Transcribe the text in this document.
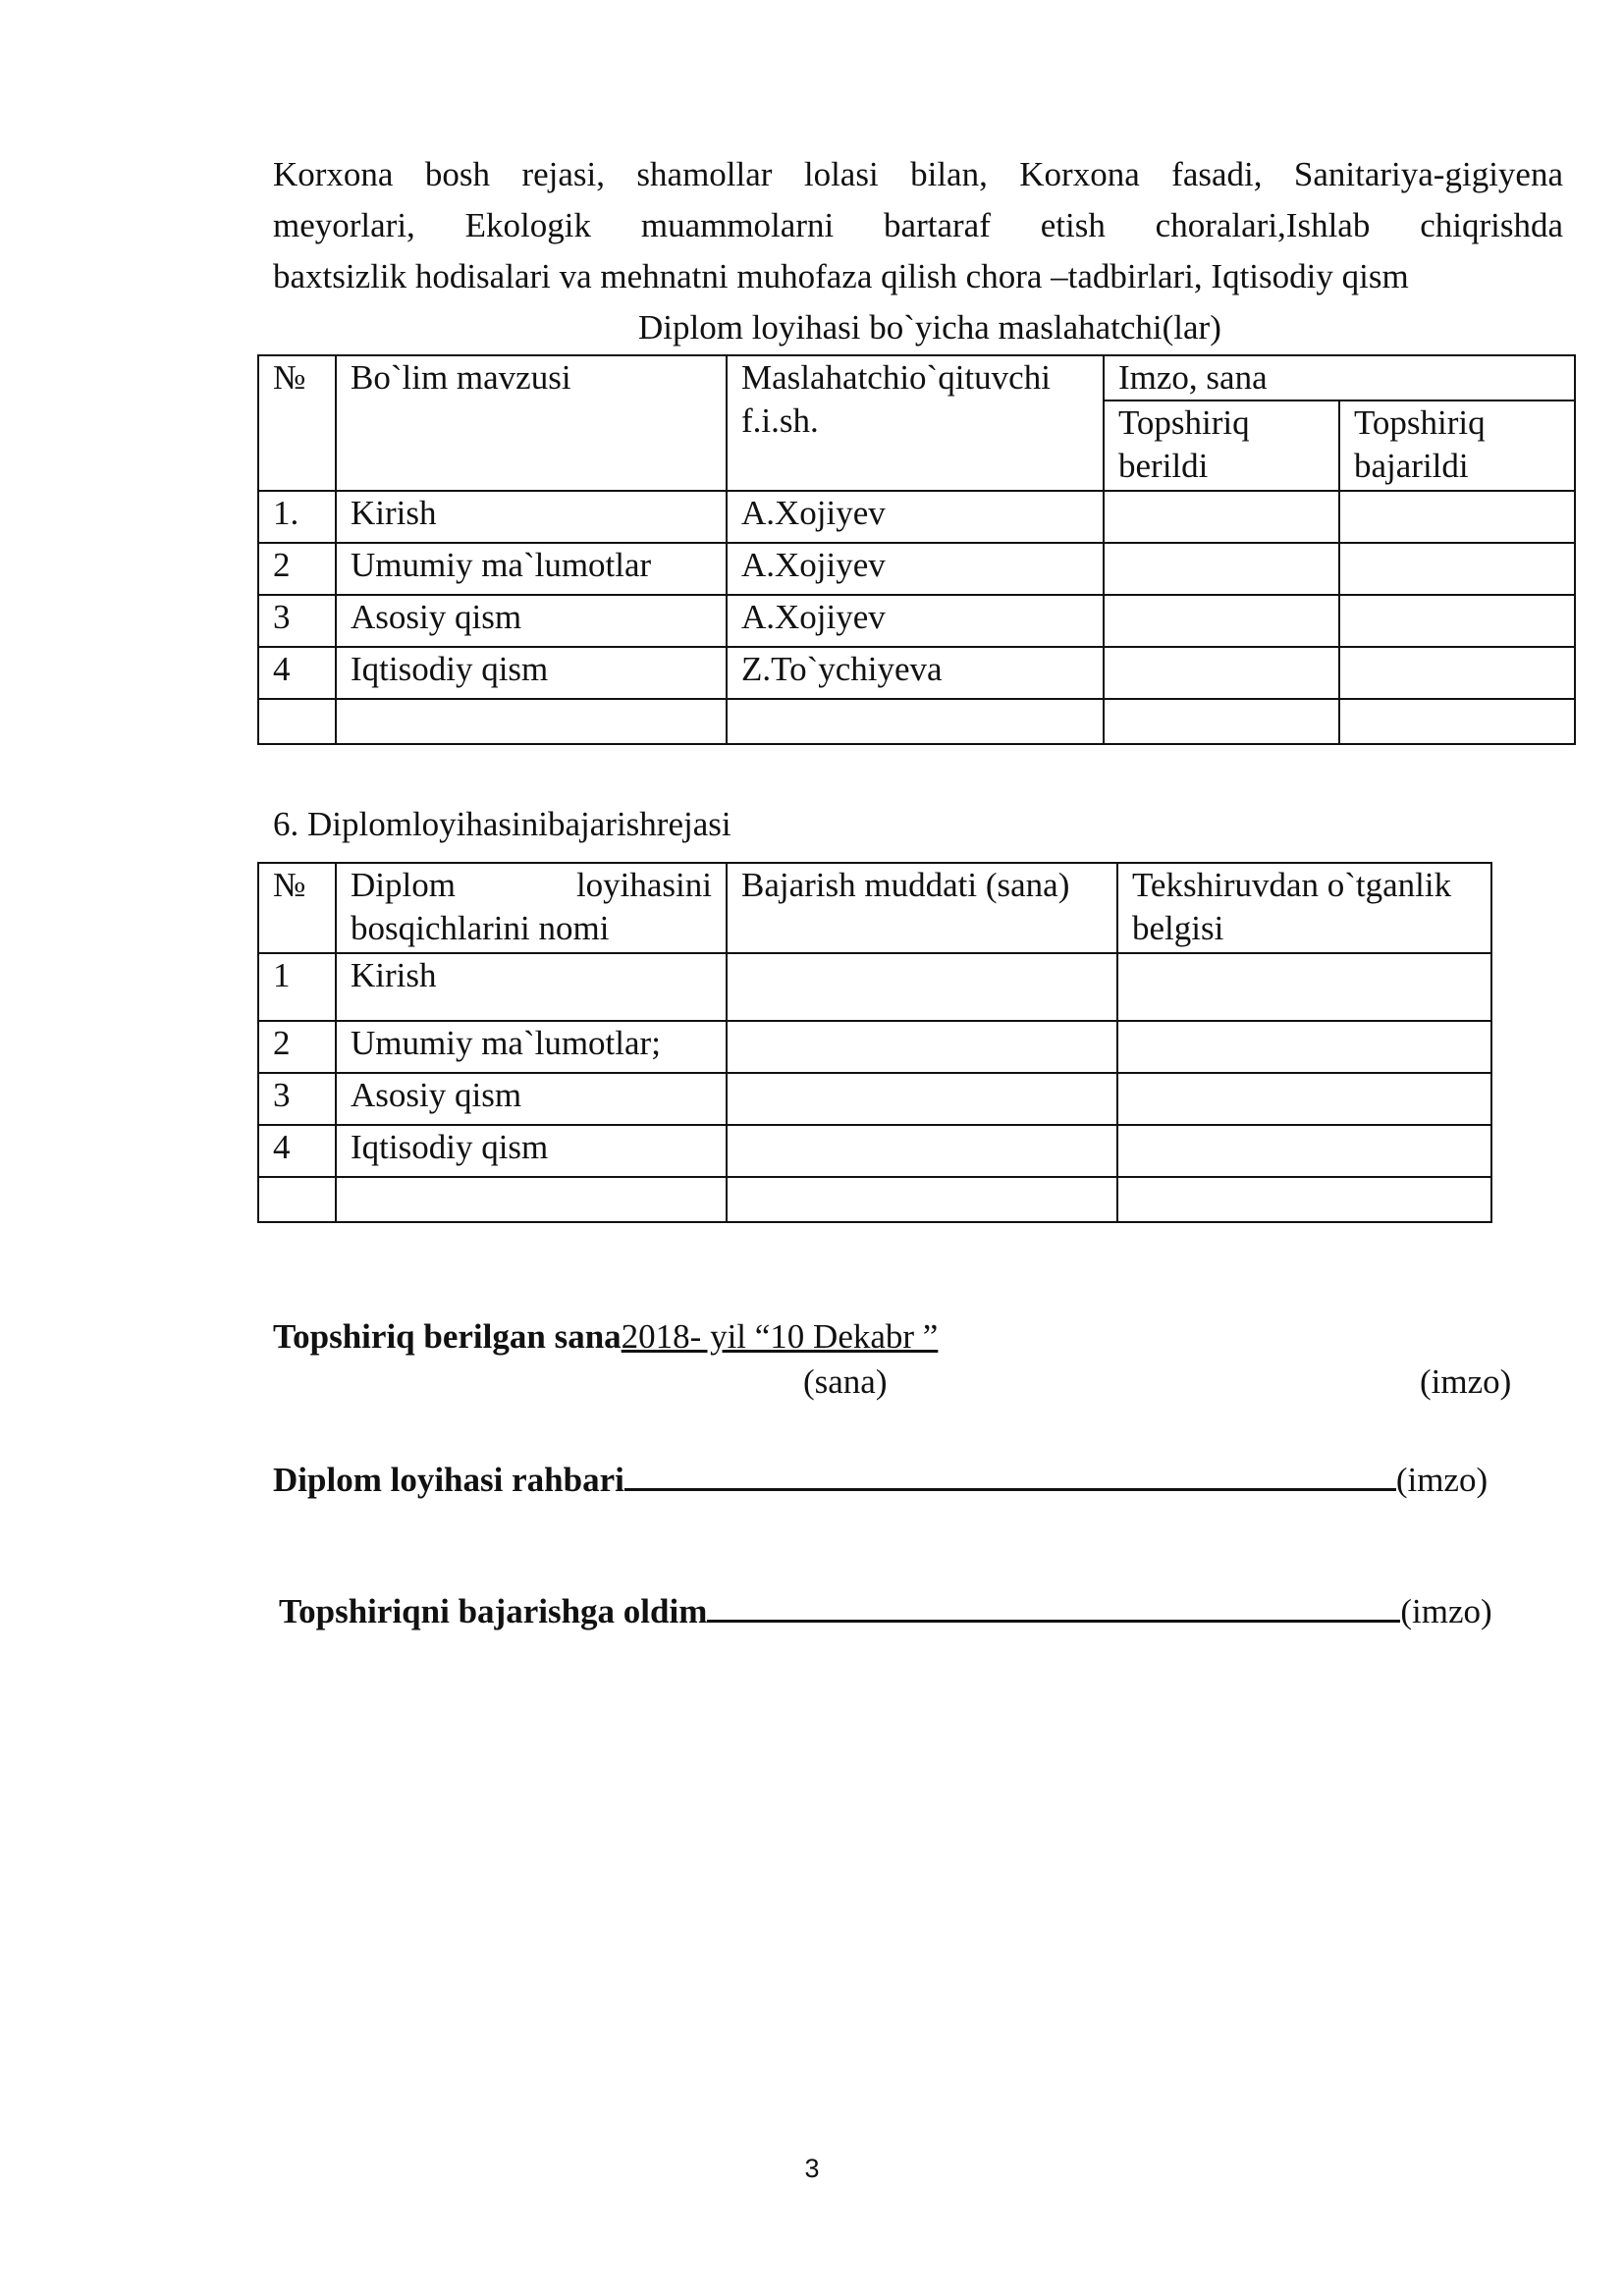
Korxona bosh rejasi, shamollar lolasi bilan, Korxona fasadi, Sanitariya-gigiyena
meyorlari, Ekologik muammolarni bartaraf etish choralari,Ishlab chiqrishda
baxtsizlik hodisalari va mehnatni muhofaza qilish chora –tadbirlari, Iqtisodiy qism
Diplom loyihasi bo`yicha maslahatchi(lar)
№	Bo`lim mavzusi	Maslahatchio`qituvchi f.i.sh.	Imzo, sana	
			Topshiriq berildi	Topshiriq bajarildi
1.	Kirish	A.Xojiyev		
2	Umumiy ma`lumotlar	A.Xojiyev		
3	Asosiy qism	A.Xojiyev		
4	Iqtisodiy qism	Z.To`ychiyeva		

6. Diplomloyihasinibajarishrejasi
№	Diplom loyihasini bosqichlarini nomi	Bajarish muddati (sana)	Tekshiruvdan o`tganlik belgisi
1	Kirish		
2	Umumiy ma`lumotlar;		
3	Asosiy qism		
4	Iqtisodiy qism		

Topshiriq berilgan sana2018- yil “10 Dekabr ”
(sana)	(imzo)
Diplom loyihasi rahbari	(imzo)
Topshiriqni bajarishga oldim	(imzo)
3
